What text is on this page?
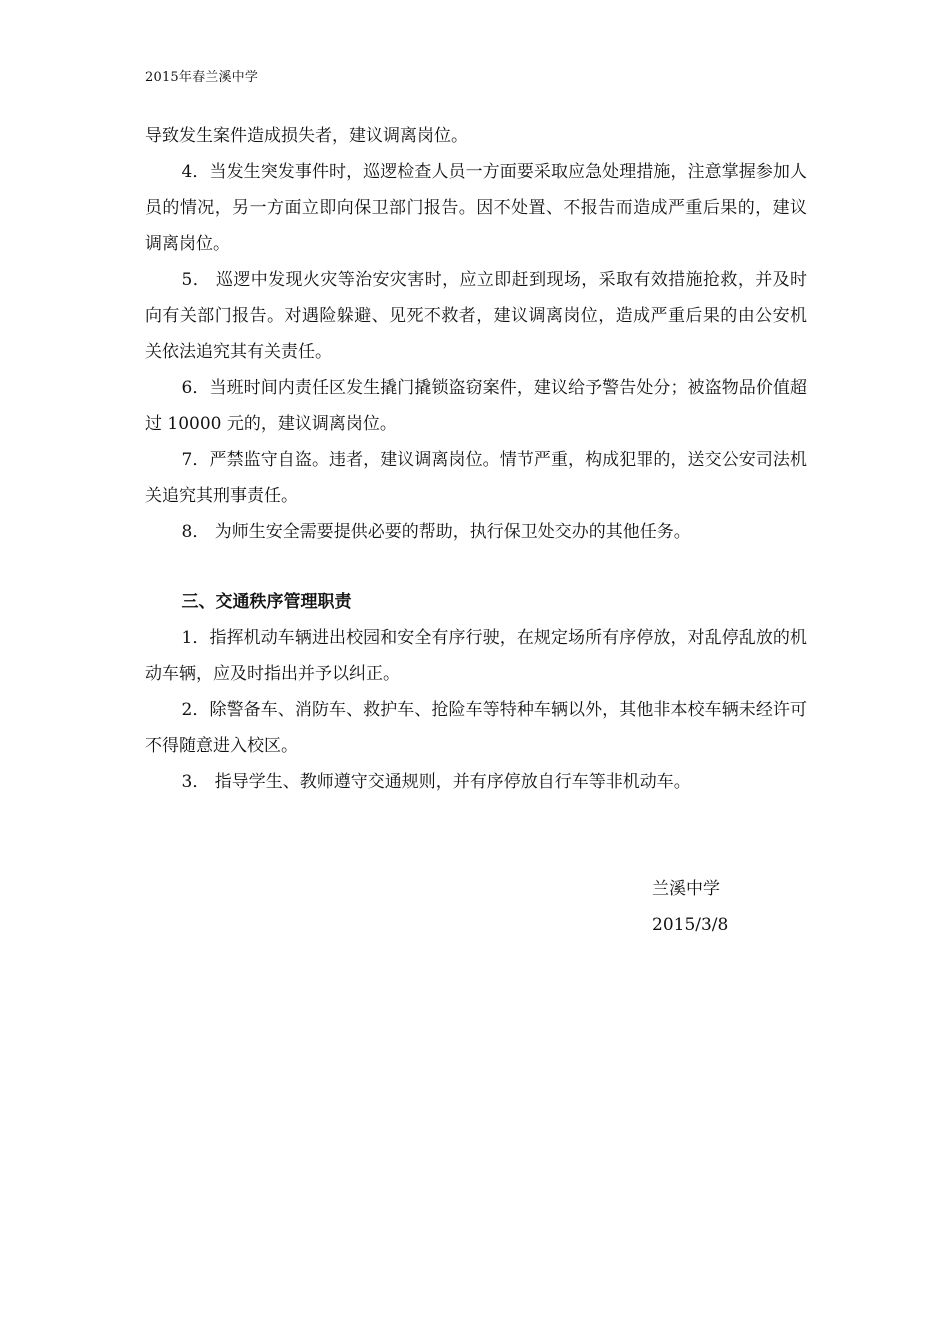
2015年春兰溪中学

导致发生案件造成损失者，建议调离岗位。

4．当发生突发事件时，巡逻检查人员一方面要采取应急处理措施，注意掌握参加人员的情况，另一方面立即向保卫部门报告。因不处置、不报告而造成严重后果的，建议调离岗位。

5． 巡逻中发现火灾等治安灾害时，应立即赶到现场，采取有效措施抢救，并及时向有关部门报告。对遇险躲避、见死不救者，建议调离岗位，造成严重后果的由公安机关依法追究其有关责任。

6．当班时间内责任区发生撬门撬锁盗窃案件，建议给予警告处分；被盗物品价值超过 10000 元的，建议调离岗位。

7．严禁监守自盗。违者，建议调离岗位。情节严重，构成犯罪的，送交公安司法机关追究其刑事责任。

8． 为师生安全需要提供必要的帮助，执行保卫处交办的其他任务。

三、交通秩序管理职责

1．指挥机动车辆进出校园和安全有序行驶，在规定场所有序停放，对乱停乱放的机动车辆，应及时指出并予以纠正。

2．除警备车、消防车、救护车、抢险车等特种车辆以外，其他非本校车辆未经许可不得随意进入校区。

3． 指导学生、教师遵守交通规则，并有序停放自行车等非机动车。

兰溪中学
2015/3/8
